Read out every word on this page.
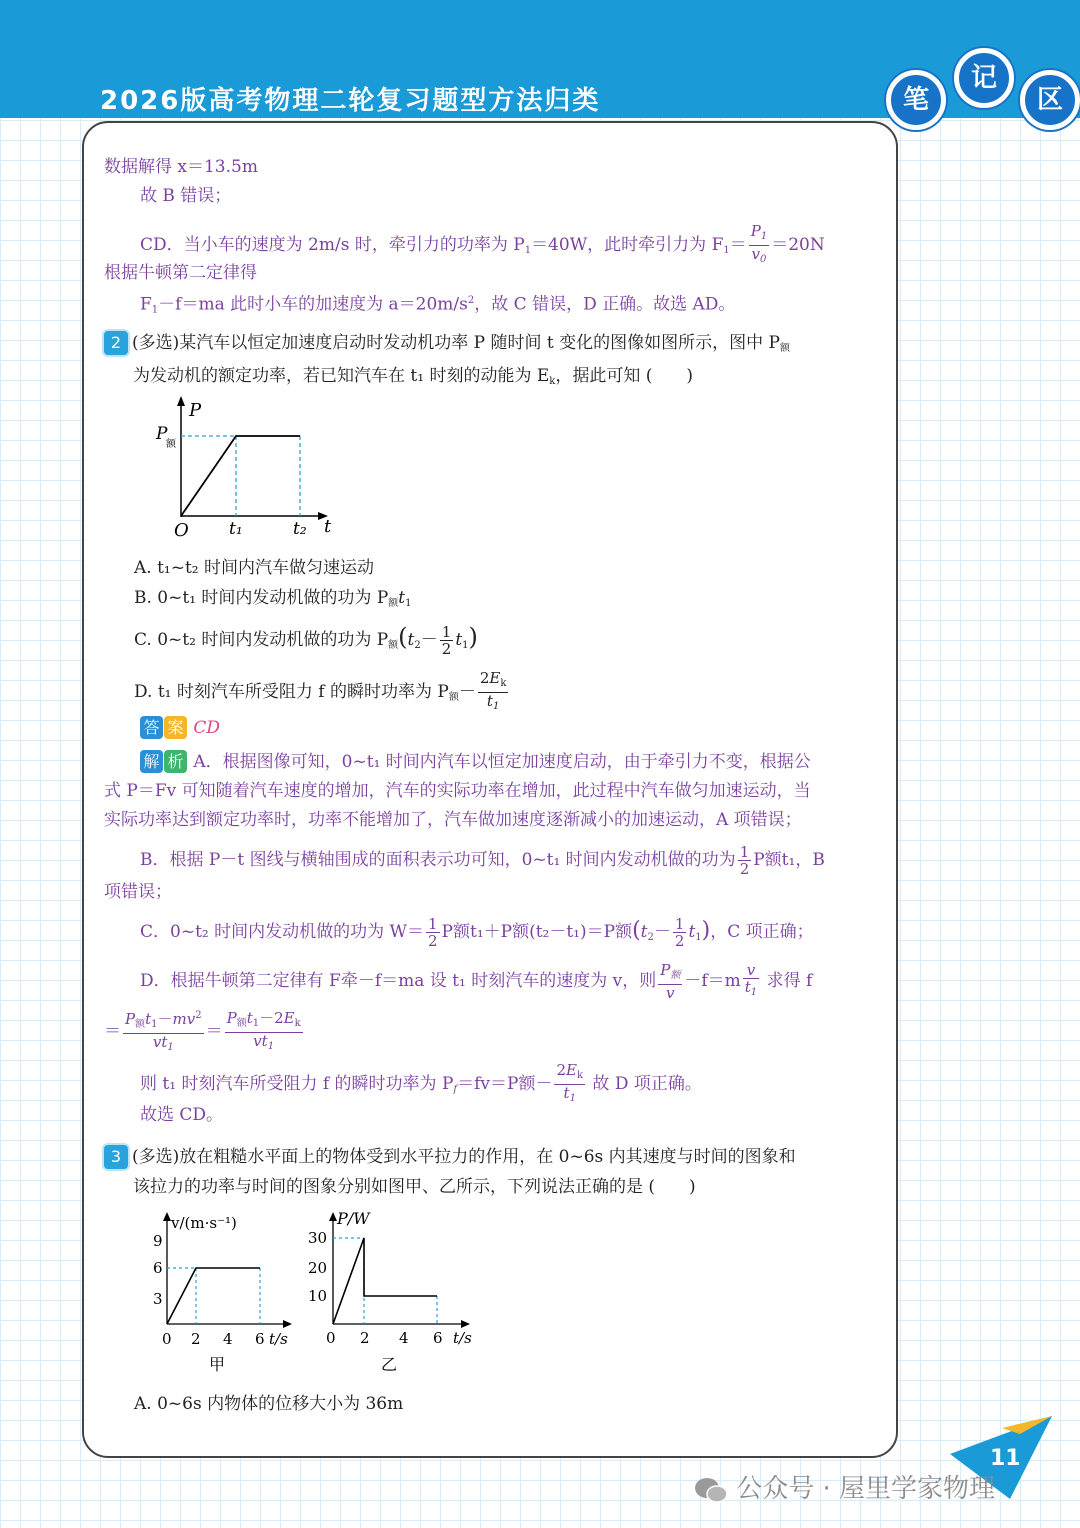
2026版高考物理二轮复习题型方法归类	笔
记
区
数据解得 x＝13.5m
故 B 错误；
CD．当小车的速度为 2m/s 时，牵引力的功率为 $P_1=40W$，此时牵引力为 $F_1= \frac{P_1}{v_0} =20N$
根据牛顿第二定律得
$F_1-f=ma$ 此时小车的加速度为 $a=20m/s^2$，故 C 错误，D 正确。故选 AD。
2 (多选)某汽车以恒定加速度启动时发动机功率 P 随时间 t 变化的图像如图所示，图中 $P_额$
为发动机的额定功率，若已知汽车在 t₁ 时刻的动能为 $E_k$，据此可知 (　　)
P
P
额
O t₁	t₂ t
A. t₁~t₂ 时间内汽车做匀速运动
B. 0~t₁ 时间内发动机做的功为 $P_额t_1$
C. 0~t₂ 时间内发动机做的功为 $P_额(t_2- \frac{1}{2} t_1)$
D. t₁ 时刻汽车所受阻力 f 的瞬时功率为 $P_额- \frac{2E_k}{t_1}$
答 案 CD
解 析 A．根据图像可知，0~t₁ 时间内汽车以恒定加速度启动，由于牵引力不变，根据公
式 P＝Fv 可知随着汽车速度的增加，汽车的实际功率在增加，此过程中汽车做匀加速运动，当
实际功率达到额定功率时，功率不能增加了，汽车做加速度逐渐减小的加速运动，A 项错误；
B．根据 P－t 图线与横轴围成的面积表示功可知，0~t₁ 时间内发动机做的功为 $\frac{1}{2}$ P额t₁，B
项错误；
C．0~t₂ 时间内发动机做的功为 $W= \frac{1}{2}$ P额t₁＋P额(t₂－t₁)＝P额$(t_2- \frac{1}{2} t_1)$，C 项正确；
D．根据牛顿第二定律有 F牵－f＝ma 设 t₁ 时刻汽车的速度为 v，则 $\frac{P_额}{v} -f=m \frac{v}{t_1}$ 求得 f
＝ $\frac{P_额t_1-mv^2}{vt_1} = \frac{P_额t_1-2E_k}{vt_1}$
则 t₁ 时刻汽车所受阻力 f 的瞬时功率为 $P_f=fv=P$额－ $\frac{2E_k}{t_1}$ 故 D 项正确。
故选 CD。
3 (多选)放在粗糙水平面上的物体受到水平拉力的作用，在 0~6s 内其速度与时间的图象和
该拉力的功率与时间的图象分别如图甲、乙所示，下列说法正确的是 (　　)
v/(m·s⁻¹)
9
6
3
0 2 4 6 t/s
甲
P/W
30
20
10
0 2 4 6 t/s
乙
A. 0~6s 内物体的位移大小为 36m
11
公众号 · 屋里学家物理
